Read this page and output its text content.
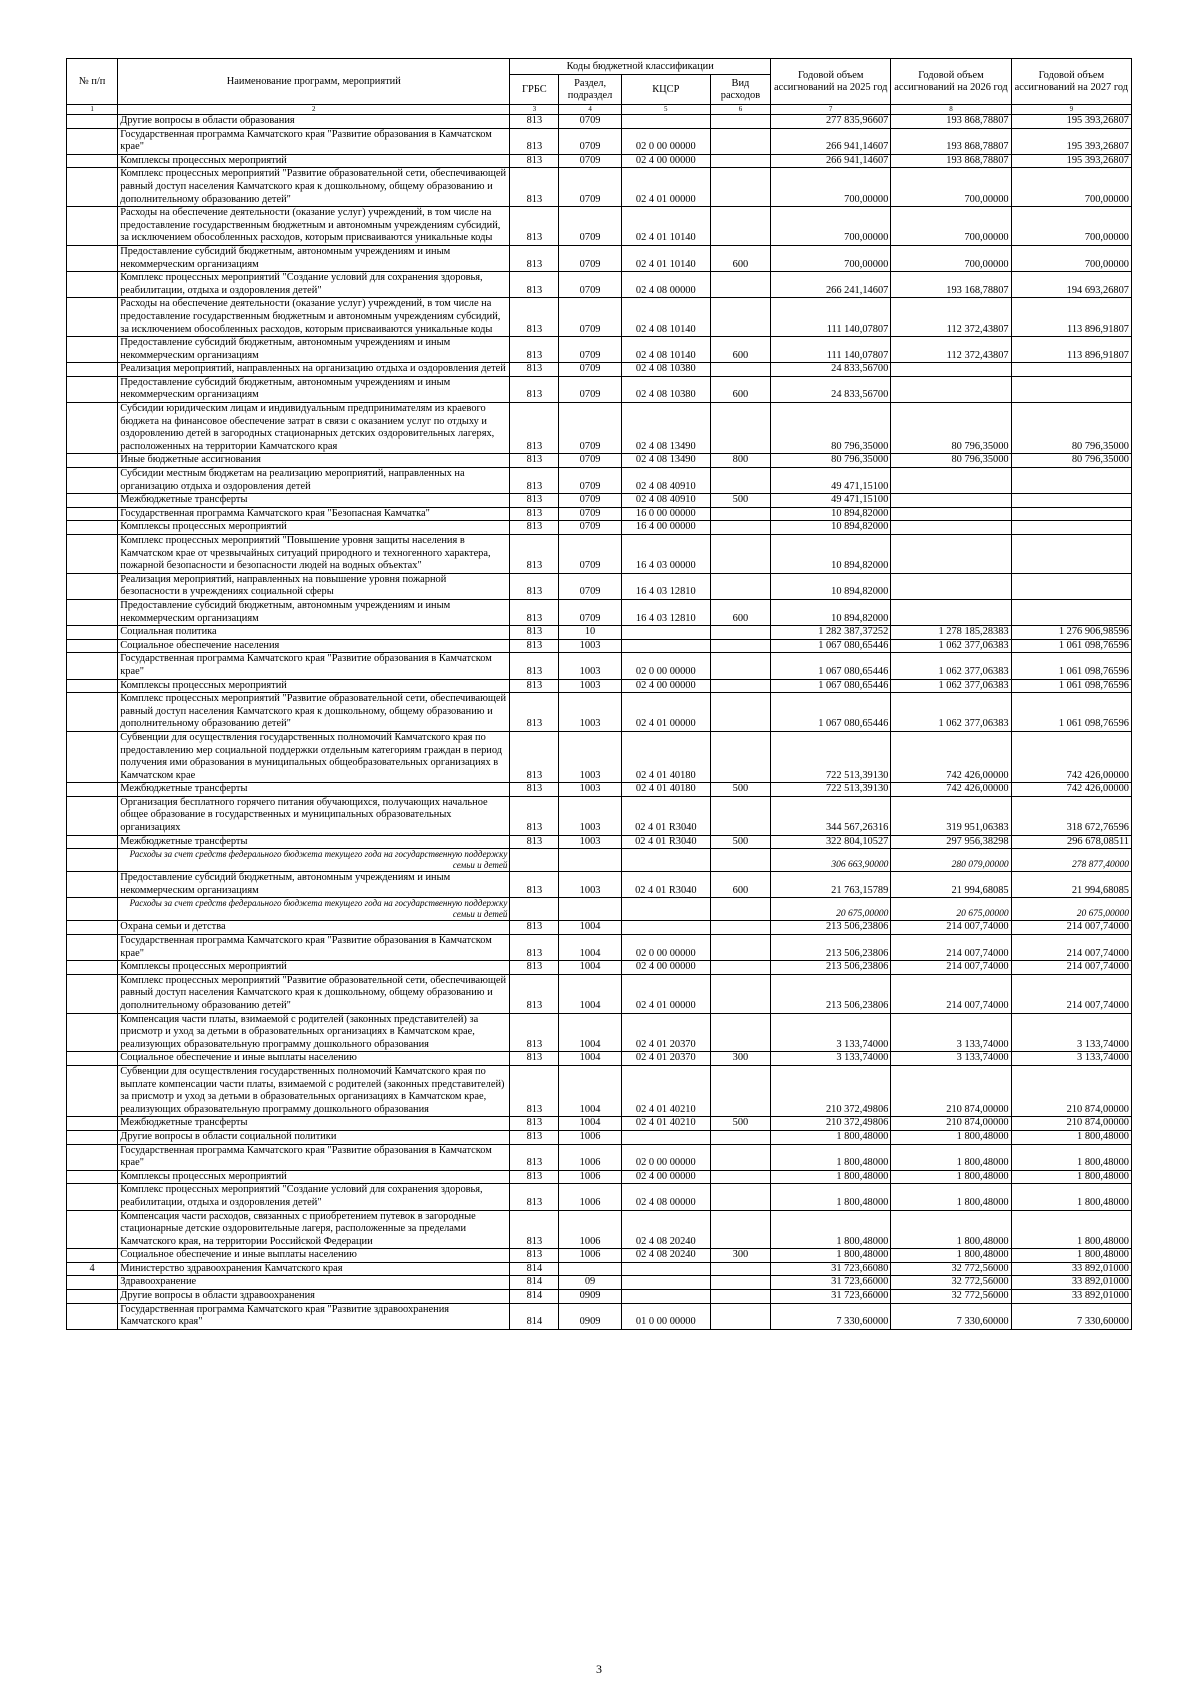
№ п/п	Наименование программ, мероприятий	Коды бюджетной классификации				Годовой объем ассигнований на 2025 год	Годовой объем ассигнований на 2026 год	Годовой объем ассигнований на 2027 год
		ГРБС	Раздел, подраздел	КЦСР	Вид расходов			
1	2	3	4	5	6	7	8	9
	Другие вопросы в области образования	813	0709			277 835,96607	193 868,78807	195 393,26807
	Государственная программа Камчатского края "Развитие образования в Камчатском крае"	813	0709	02 0 00 00000		266 941,14607	193 868,78807	195 393,26807
	Комплексы процессных мероприятий	813	0709	02 4 00 00000		266 941,14607	193 868,78807	195 393,26807
	Комплекс процессных мероприятий "Развитие образовательной сети, обеспечивающей равный доступ населения Камчатского края к дошкольному, общему образованию и дополнительному образованию детей"	813	0709	02 4 01 00000		700,00000	700,00000	700,00000
	Расходы на обеспечение деятельности (оказание услуг) учреждений, в том числе на предоставление государственным бюджетным и автономным учреждениям субсидий, за исключением обособленных расходов, которым присваиваются уникальные коды	813	0709	02 4 01 10140		700,00000	700,00000	700,00000
	Предоставление субсидий бюджетным, автономным учреждениям и иным некоммерческим организациям	813	0709	02 4 01 10140	600	700,00000	700,00000	700,00000
	Комплекс процессных мероприятий "Создание условий для сохранения здоровья, реабилитации, отдыха и оздоровления детей"	813	0709	02 4 08 00000		266 241,14607	193 168,78807	194 693,26807
	Расходы на обеспечение деятельности (оказание услуг) учреждений, в том числе на предоставление государственным бюджетным и автономным учреждениям субсидий, за исключением обособленных расходов, которым присваиваются уникальные коды	813	0709	02 4 08 10140		111 140,07807	112 372,43807	113 896,91807
	Предоставление субсидий бюджетным, автономным учреждениям и иным некоммерческим организациям	813	0709	02 4 08 10140	600	111 140,07807	112 372,43807	113 896,91807
	Реализация мероприятий, направленных на организацию отдыха и оздоровления детей	813	0709	02 4 08 10380		24 833,56700		
	Предоставление субсидий бюджетным, автономным учреждениям и иным некоммерческим организациям	813	0709	02 4 08 10380	600	24 833,56700		
	Субсидии юридическим лицам и индивидуальным предпринимателям из краевого бюджета на финансовое обеспечение затрат в связи с оказанием услуг по отдыху и оздоровлению детей в загородных стационарных детских оздоровительных лагерях, расположенных на территории Камчатского края	813	0709	02 4 08 13490		80 796,35000	80 796,35000	80 796,35000
	Иные бюджетные ассигнования	813	0709	02 4 08 13490	800	80 796,35000	80 796,35000	80 796,35000
	Субсидии местным бюджетам на реализацию мероприятий, направленных на организацию отдыха и оздоровления детей	813	0709	02 4 08 40910		49 471,15100		
	Межбюджетные трансферты	813	0709	02 4 08 40910	500	49 471,15100		
	Государственная программа Камчатского края "Безопасная Камчатка"	813	0709	16 0 00 00000		10 894,82000		
	Комплексы процессных мероприятий	813	0709	16 4 00 00000		10 894,82000		
	Комплекс процессных мероприятий "Повышение уровня защиты населения в Камчатском крае от чрезвычайных ситуаций природного и техногенного характера, пожарной безопасности и безопасности людей на водных объектах"	813	0709	16 4 03 00000		10 894,82000		
	Реализация мероприятий, направленных на повышение уровня пожарной безопасности в учреждениях социальной сферы	813	0709	16 4 03 12810		10 894,82000		
	Предоставление субсидий бюджетным, автономным учреждениям и иным некоммерческим организациям	813	0709	16 4 03 12810	600	10 894,82000		
	Социальная политика	813	10			1 282 387,37252	1 278 185,28383	1 276 906,98596
	Социальное обеспечение населения	813	1003			1 067 080,65446	1 062 377,06383	1 061 098,76596
	Государственная программа Камчатского края "Развитие образования в Камчатском крае"	813	1003	02 0 00 00000		1 067 080,65446	1 062 377,06383	1 061 098,76596
	Комплексы процессных мероприятий	813	1003	02 4 00 00000		1 067 080,65446	1 062 377,06383	1 061 098,76596
	Комплекс процессных мероприятий "Развитие образовательной сети, обеспечивающей равный доступ населения Камчатского края к дошкольному, общему образованию и дополнительному образованию детей"	813	1003	02 4 01 00000		1 067 080,65446	1 062 377,06383	1 061 098,76596
	Субвенции для осуществления государственных полномочий Камчатского края по предоставлению мер социальной поддержки отдельным категориям граждан в период получения ими образования в муниципальных общеобразовательных организациях в Камчатском крае	813	1003	02 4 01 40180		722 513,39130	742 426,00000	742 426,00000
	Межбюджетные трансферты	813	1003	02 4 01 40180	500	722 513,39130	742 426,00000	742 426,00000
	Организация бесплатного горячего питания обучающихся, получающих начальное общее образование в государственных и муниципальных образовательных организациях	813	1003	02 4 01 R3040		344 567,26316	319 951,06383	318 672,76596
	Межбюджетные трансферты	813	1003	02 4 01 R3040	500	322 804,10527	297 956,38298	296 678,08511
	Расходы за счет средств федерального бюджета текущего года на государственную поддержку семьи и детей					306 663,90000	280 079,00000	278 877,40000
	Предоставление субсидий бюджетным, автономным учреждениям и иным некоммерческим организациям	813	1003	02 4 01 R3040	600	21 763,15789	21 994,68085	21 994,68085
	Расходы за счет средств федерального бюджета текущего года на государственную поддержку семьи и детей					20 675,00000	20 675,00000	20 675,00000
	Охрана семьи и детства	813	1004			213 506,23806	214 007,74000	214 007,74000
	Государственная программа Камчатского края "Развитие образования в Камчатском крае"	813	1004	02 0 00 00000		213 506,23806	214 007,74000	214 007,74000
	Комплексы процессных мероприятий	813	1004	02 4 00 00000		213 506,23806	214 007,74000	214 007,74000
	Комплекс процессных мероприятий "Развитие образовательной сети, обеспечивающей равный доступ населения Камчатского края к дошкольному, общему образованию и дополнительному образованию детей"	813	1004	02 4 01 00000		213 506,23806	214 007,74000	214 007,74000
	Компенсация части платы, взимаемой с родителей (законных представителей) за присмотр и уход за детьми в образовательных организациях в Камчатском крае, реализующих образовательную программу дошкольного образования	813	1004	02 4 01 20370		3 133,74000	3 133,74000	3 133,74000
	Социальное обеспечение и иные выплаты населению	813	1004	02 4 01 20370	300	3 133,74000	3 133,74000	3 133,74000
	Субвенции для осуществления государственных полномочий Камчатского края по выплате компенсации части платы, взимаемой с родителей (законных представителей) за присмотр и уход за детьми в образовательных организациях в Камчатском крае, реализующих образовательную программу дошкольного образования	813	1004	02 4 01 40210		210 372,49806	210 874,00000	210 874,00000
	Межбюджетные трансферты	813	1004	02 4 01 40210	500	210 372,49806	210 874,00000	210 874,00000
	Другие вопросы в области социальной политики	813	1006			1 800,48000	1 800,48000	1 800,48000
	Государственная программа Камчатского края "Развитие образования в Камчатском крае"	813	1006	02 0 00 00000		1 800,48000	1 800,48000	1 800,48000
	Комплексы процессных мероприятий	813	1006	02 4 00 00000		1 800,48000	1 800,48000	1 800,48000
	Комплекс процессных мероприятий "Создание условий для сохранения здоровья, реабилитации, отдыха и оздоровления детей"	813	1006	02 4 08 00000		1 800,48000	1 800,48000	1 800,48000
	Компенсация части расходов, связанных с приобретением путевок в загородные стационарные детские оздоровительные лагеря, расположенные за пределами Камчатского края, на территории Российской Федерации	813	1006	02 4 08 20240		1 800,48000	1 800,48000	1 800,48000
	Социальное обеспечение и иные выплаты населению	813	1006	02 4 08 20240	300	1 800,48000	1 800,48000	1 800,48000
4	Министерство здравоохранения Камчатского края	814				31 723,66080	32 772,56000	33 892,01000
	Здравоохранение	814	09			31 723,66000	32 772,56000	33 892,01000
	Другие вопросы в области здравоохранения	814	0909			31 723,66000	32 772,56000	33 892,01000
	Государственная программа Камчатского края "Развитие здравоохранения Камчатского края"	814	0909	01 0 00 00000		7 330,60000	7 330,60000	7 330,60000
3
